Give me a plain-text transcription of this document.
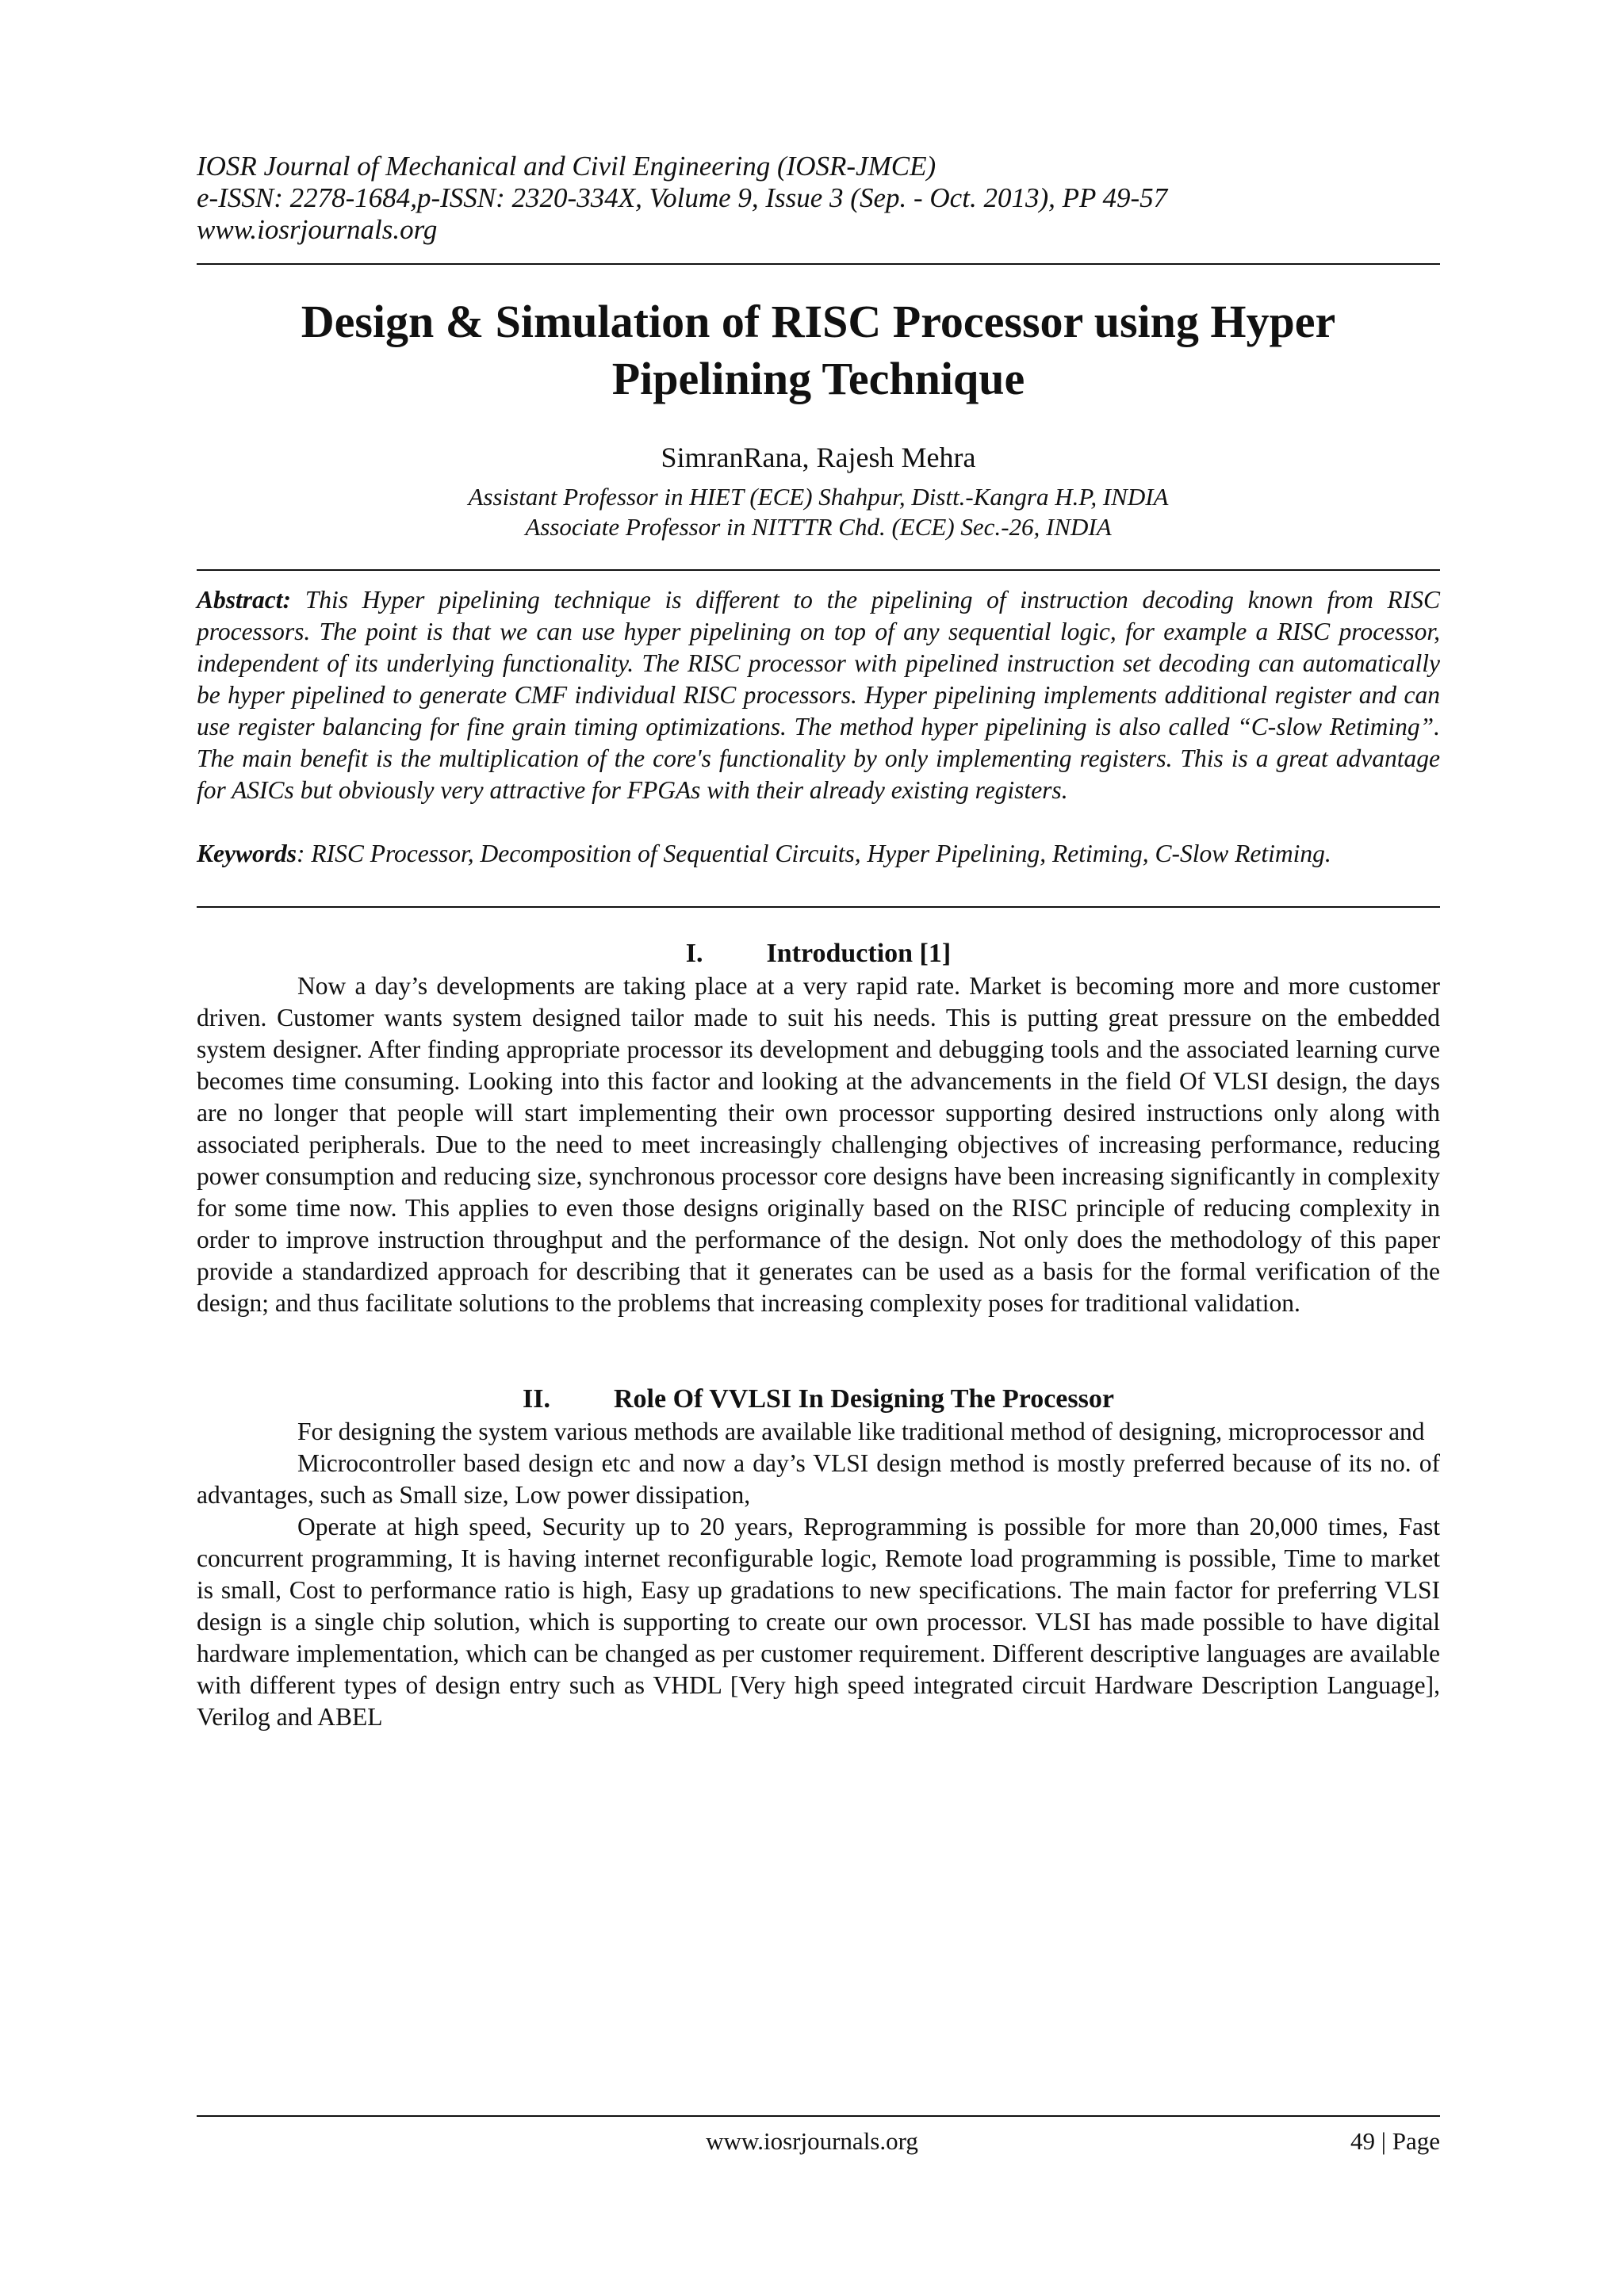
IOSR Journal of Mechanical and Civil Engineering (IOSR-JMCE)
e-ISSN: 2278-1684,p-ISSN: 2320-334X, Volume 9, Issue 3 (Sep. - Oct. 2013), PP 49-57
www.iosrjournals.org
Design & Simulation of RISC Processor using Hyper
Pipelining Technique
SimranRana, Rajesh Mehra
Assistant Professor in HIET (ECE) Shahpur, Distt.-Kangra H.P, INDIA
Associate Professor in NITTTR Chd. (ECE) Sec.-26, INDIA
Abstract: This Hyper pipelining technique is different to the pipelining of instruction decoding known from RISC processors. The point is that we can use hyper pipelining on top of any sequential logic, for example a RISC processor, independent of its underlying functionality. The RISC processor with pipelined instruction set decoding can automatically be hyper pipelined to generate CMF individual RISC processors. Hyper pipelining implements additional register and can use register balancing for fine grain timing optimizations. The method hyper pipelining is also called “C-slow Retiming”. The main benefit is the multiplication of the core's functionality by only implementing registers. This is a great advantage for ASICs but obviously very attractive for FPGAs with their already existing registers.
Keywords: RISC Processor, Decomposition of Sequential Circuits, Hyper Pipelining, Retiming, C-Slow Retiming.
I. Introduction [1]

Now a day’s developments are taking place at a very rapid rate. Market is becoming more and more customer driven. Customer wants system designed tailor made to suit his needs. This is putting great pressure on the embedded system designer. After finding appropriate processor its development and debugging tools and the associated learning curve becomes time consuming. Looking into this factor and looking at the advancements in the field Of VLSI design, the days are no longer that people will start implementing their own processor supporting desired instructions only along with associated peripherals. Due to the need to meet increasingly challenging objectives of increasing performance, reducing power consumption and reducing size, synchronous processor core designs have been increasing significantly in complexity for some time now. This applies to even those designs originally based on the RISC principle of reducing complexity in order to improve instruction throughput and the performance of the design. Not only does the methodology of this paper provide a standardized approach for describing that it generates can be used as a basis for the formal verification of the design; and thus facilitate solutions to the problems that increasing complexity poses for traditional validation.

II. Role Of VVLSI In Designing The Processor

For designing the system various methods are available like traditional method of designing, microprocessor and

Microcontroller based design etc and now a day’s VLSI design method is mostly preferred because of its no. of advantages, such as Small size, Low power dissipation,

Operate at high speed, Security up to 20 years, Reprogramming is possible for more than 20,000 times, Fast concurrent programming, It is having internet reconfigurable logic, Remote load programming is possible, Time to market is small, Cost to performance ratio is high, Easy up gradations to new specifications. The main factor for preferring VLSI design is a single chip solution, which is supporting to create our own processor. VLSI has made possible to have digital hardware implementation, which can be changed as per customer requirement. Different descriptive languages are available with different types of design entry such as VHDL [Very high speed integrated circuit Hardware Description Language], Verilog and ABEL

www.iosrjournals.org	49 | Page
